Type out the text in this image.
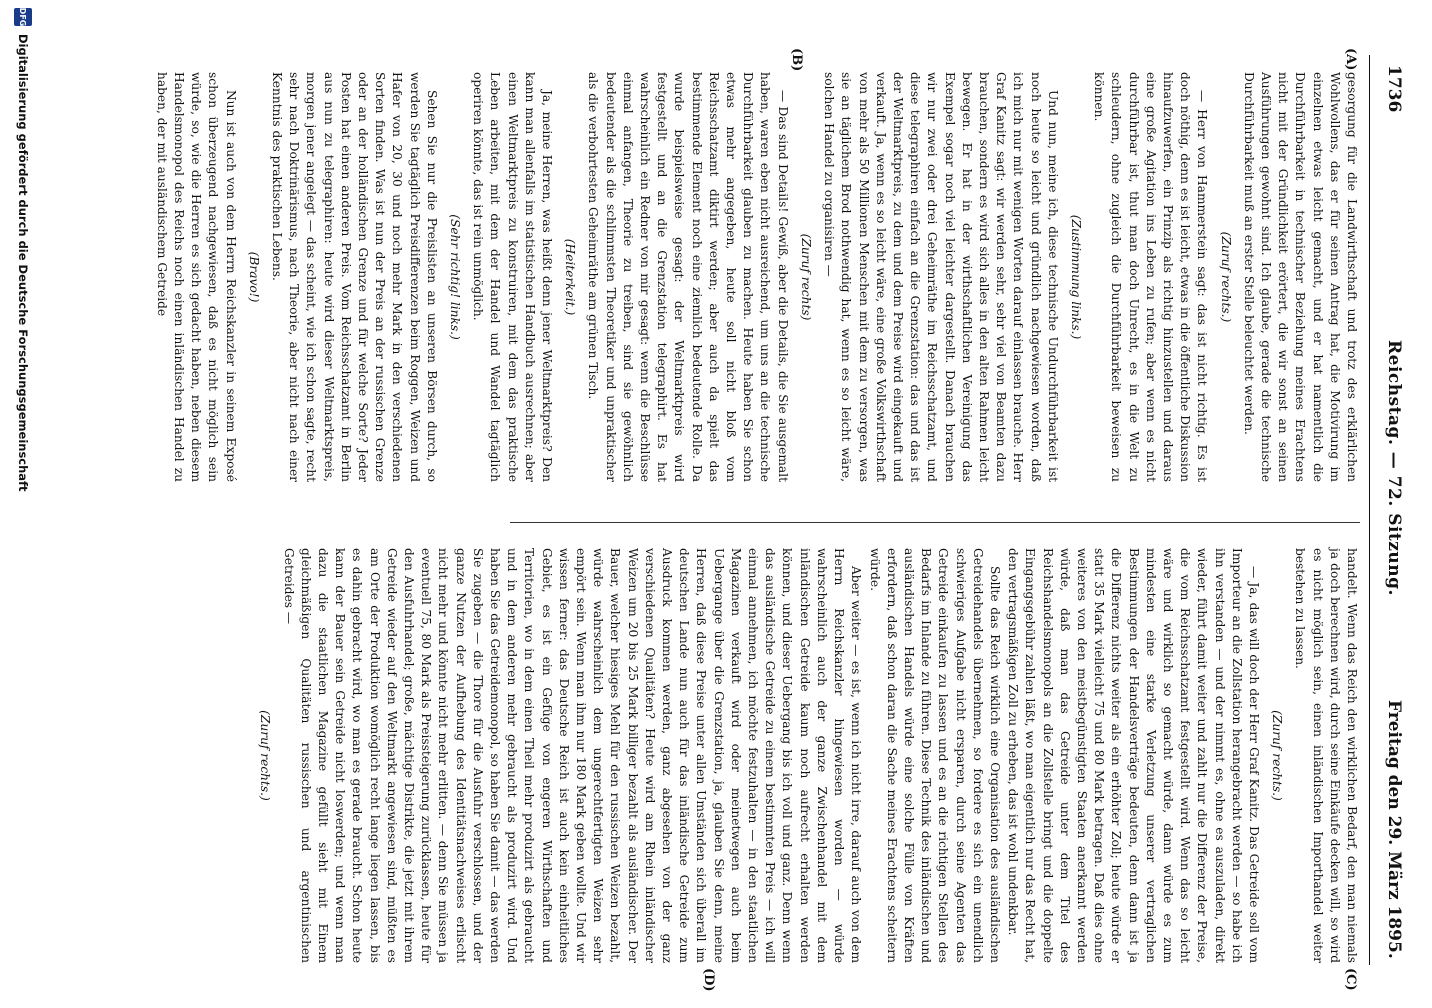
1736
Reichstag. — 72. Sitzung.
Freitag den 29. März 1895.
(A)
(B)
(C)
(D)

gesorgung für die Landwirthschaft und trotz des erklärlichen Wohlwollens, das er für seinen Antrag hat, die Motivirung im einzelnen etwas leicht gemacht, und er hat namentlich die Durchführbarkeit in technischer Beziehung meines Erachtens nicht mit der Gründlichkeit erörtert, die wir sonst an seinen Ausführungen gewohnt sind. Ich glaube, gerade die technische Durchführbarkeit muß an erster Stelle beleuchtet werden.

(Zuruf rechts.)

— Herr von Hammerstein sagt: das ist nicht richtig. Es ist doch nöthig, denn es ist leicht, etwas in die öffentliche Diskussion hinaufzuwerfen, ein Prinzip als richtig hinzustellen und daraus eine große Agitation ins Leben zu rufen; aber wenn es nicht durchführbar ist, thut man doch Unrecht, es in die Welt zu schleudern, ohne zugleich die Durchführbarkeit beweisen zu können.

(Zustimmung links.)

Und nun, meine ich, diese technische Undurchführbarkeit ist noch heute so leicht und gründlich nachgewiesen worden, daß ich mich nur mit wenigen Worten darauf einlassen brauche. Herr Graf Kanitz sagt: wir werden sehr, sehr viel von Beamten dazu brauchen, sondern es wird sich alles in den alten Rahmen leicht bewegen. Er hat in der wirthschaftlichen Vereinigung das Exempel sogar noch viel leichter dargestellt. Danach brauchen wir nur zwei oder drei Geheimräthe im Reichsschatzamt, und diese telegraphiren einfach an die Grenzstation: das und das ist der Weltmarktpreis, zu dem und dem Preise wird eingekauft und verkauft. Ja, wenn es so leicht wäre, eine große Volkswirthschaft von mehr als 50 Millionen Menschen mit dem zu versorgen, was sie an täglichem Brod nothwendig hat, wenn es so leicht wäre, solchen Handel zu organisiren —

(Zuruf rechts)

— Das sind Details! Gewiß, aber die Details, die Sie ausgemalt haben, waren eben nicht ausreichend, um uns an die technische Durchführbarkeit glauben zu machen. Heute haben Sie schon etwas mehr angegeben, heute soll nicht bloß vom Reichsschatzamt diktirt werden; aber auch da spielt das bestimmende Element noch eine ziemlich bedeutende Rolle. Da wurde beispielsweise gesagt: der Weltmarktpreis wird festgestellt und an die Grenzstation telegraphirt. Es hat wahrscheinlich ein Redner von mir gesagt: wenn die Beschlüsse einmal anfangen, Theorie zu treiben, sind sie gewöhnlich bedeutender als die schlimmsten Theoretiker und unpraktischer als die verbohrtesten Geheimräthe am grünen Tisch.

(Heiterkeit.)

Ja, meine Herren, was heißt denn jener Weltmarktpreis? Den kann man allenfalls im statistischen Handbuch ausrechnen; aber einen Weltmarktpreis zu konstruiren, mit dem das praktische Leben arbeiten, mit dem der Handel und Wandel tagtäglich operiren könnte, das ist rein unmöglich.

(Sehr richtig! links.)

Sehen Sie nur die Preislisten an unseren Börsen durch, so werden Sie tagtäglich Preisdifferenzen beim Roggen, Weizen und Hafer von 20, 30 und noch mehr Mark in den verschiedenen Sorten finden. Was ist nun der Preis an der russischen Grenze oder an der holländischen Grenze und für welche Sorte? Jeder Posten hat einen anderen Preis. Vom Reichsschatzamt in Berlin aus nun zu telegraphiren: heute wird dieser Weltmarktspreis, morgen jener angelegt — das scheint, wie ich schon sagte, recht sehr nach Doktrinärismus, nach Theorie, aber nicht nach einer Kenntnis des praktischen Lebens.

(Bravo!)

Nun ist auch von dem Herrn Reichskanzler in seinem Exposé schon überzeugend nachgewiesen, daß es nicht möglich sein würde, so, wie die Herren es sich gedacht haben, neben diesem Handelsmonopol des Reichs noch einen inländischen Handel zu haben, der mit ausländischem Getreide

handelt. Wenn das Reich den wirklichen Bedarf, den man niemals ja doch berechnen wird, durch seine Einkäufe decken will, so wird es nicht möglich sein, einen inländischen Importhandel weiter bestehen zu lassen.

(Zuruf rechts.)

— Ja, das will doch der Herr Graf Kanitz. Das Getreide soll vom Importeur an die Zollstation herangebracht werden — so habe ich ihn verstanden — und der nimmt es, ohne es auszuladen, direkt wieder, führt damit weiter und zahlt nur die Differenz der Preise, die vom Reichsschatzamt festgestellt wird. Wenn das so leicht wäre und wirklich so gemacht würde, dann würde es zum mindesten eine starke Verletzung unserer vertraglichen Bestimmungen der Handelsverträge bedeuten, denn dann ist ja die Differenz nichts weiter als ein erhöhter Zoll; heute würde er statt 35 Mark vielleicht 75 und 80 Mark betragen. Daß dies ohne weiteres von den meistbegünstigten Staaten anerkannt werden würde, daß man das Getreide unter dem Titel des Reichshandelsmonopols an die Zollstelle bringt und die doppelte Eingangsgebühr zahlen läßt, wo man eigentlich nur das Recht hat, den vertragsmäßigen Zoll zu erheben, das ist wohl undenkbar.

Sollte das Reich wirklich eine Organisation des ausländischen Getreidehandels übernehmen, so fordere es sich ein unendlich schwieriges Aufgabe nicht ersparen, durch seine Agenten das Getreide einkaufen zu lassen und es an die richtigen Stellen des Bedarfs im Inlande zu führen. Diese Technik des inländischen und ausländischen Handels würde eine solche Fülle von Kräften erfordern, daß schon daran die Sache meines Erachtens scheitern würde.

Aber weiter — es ist, wenn ich nicht irre, darauf auch von dem Herrn Reichskanzler hingewiesen worden — würde wahrscheinlich auch der ganze Zwischenhandel mit dem inländischen Getreide kaum noch aufrecht erhalten werden können, und dieser Uebergang bis ich voll und ganz. Denn wenn das ausländische Getreide zu einem bestimmten Preis — ich will einmal annehmen, ich möchte festzuhalten — in den staatlichen Magazinen verkauft wird oder meinetwegen auch beim Uebergange über die Grenzstation, ja, glauben Sie denn, meine Herren, daß diese Preise unter allen Umständen sich überall im deutschen Lande nun auch für das inländische Getreide zum Ausdruck kommen werden, ganz abgesehen von der ganz verschiedenen Qualitäten? Heute wird am Rhein inländischer Weizen um 20 bis 25 Mark billiger bezahlt als ausländischer. Der Bauer, welcher hiesiges Mehl für den russischen Weizen bezahlt, würde wahrscheinlich dem ungerechtfertigten Weizen sehr empört sein. Wenn man ihm nur 180 Mark geben wollte. Und wir wissen ferner: das Deutsche Reich ist auch kein einheitliches Gebiet, es ist ein Gefüge von engeren Wirthschaften und Territorien, wo in dem einen Theil mehr produzirt als gebraucht und in dem anderen mehr gebraucht als produzirt wird. Und haben Sie das Getreidemonopol, so haben Sie damit — das werden Sie zugeben — die Thore für die Ausfuhr verschlossen, und der ganze Nutzen der Aufhebung des Identitätsnachweises erlischt nicht mehr und könnte nicht mehr erlitten. — denn Sie müssen ja eventuell 75, 80 Mark als Preissteigerung zurücklassen, heute für den Ausfuhrhandel; große, mächtige Distrikte, die jetzt mit ihrem Getreide wieder auf den Weltmarkt angewiesen sind, müßten es am Orte der Produktion womöglich recht lange liegen lassen, bis es dahin gebracht wird, wo man es gerade braucht. Schon heute kann der Bauer sein Getreide nicht loswerden; und wenn man dazu die staatlichen Magazine gefüllt sieht mit Einem gleichmäßigen Qualitäten russischen und argentinischen Getreides —

(Zuruf rechts.)
DFG
Digitalisierung gefördert durch die Deutsche Forschungsgemeinschaft
